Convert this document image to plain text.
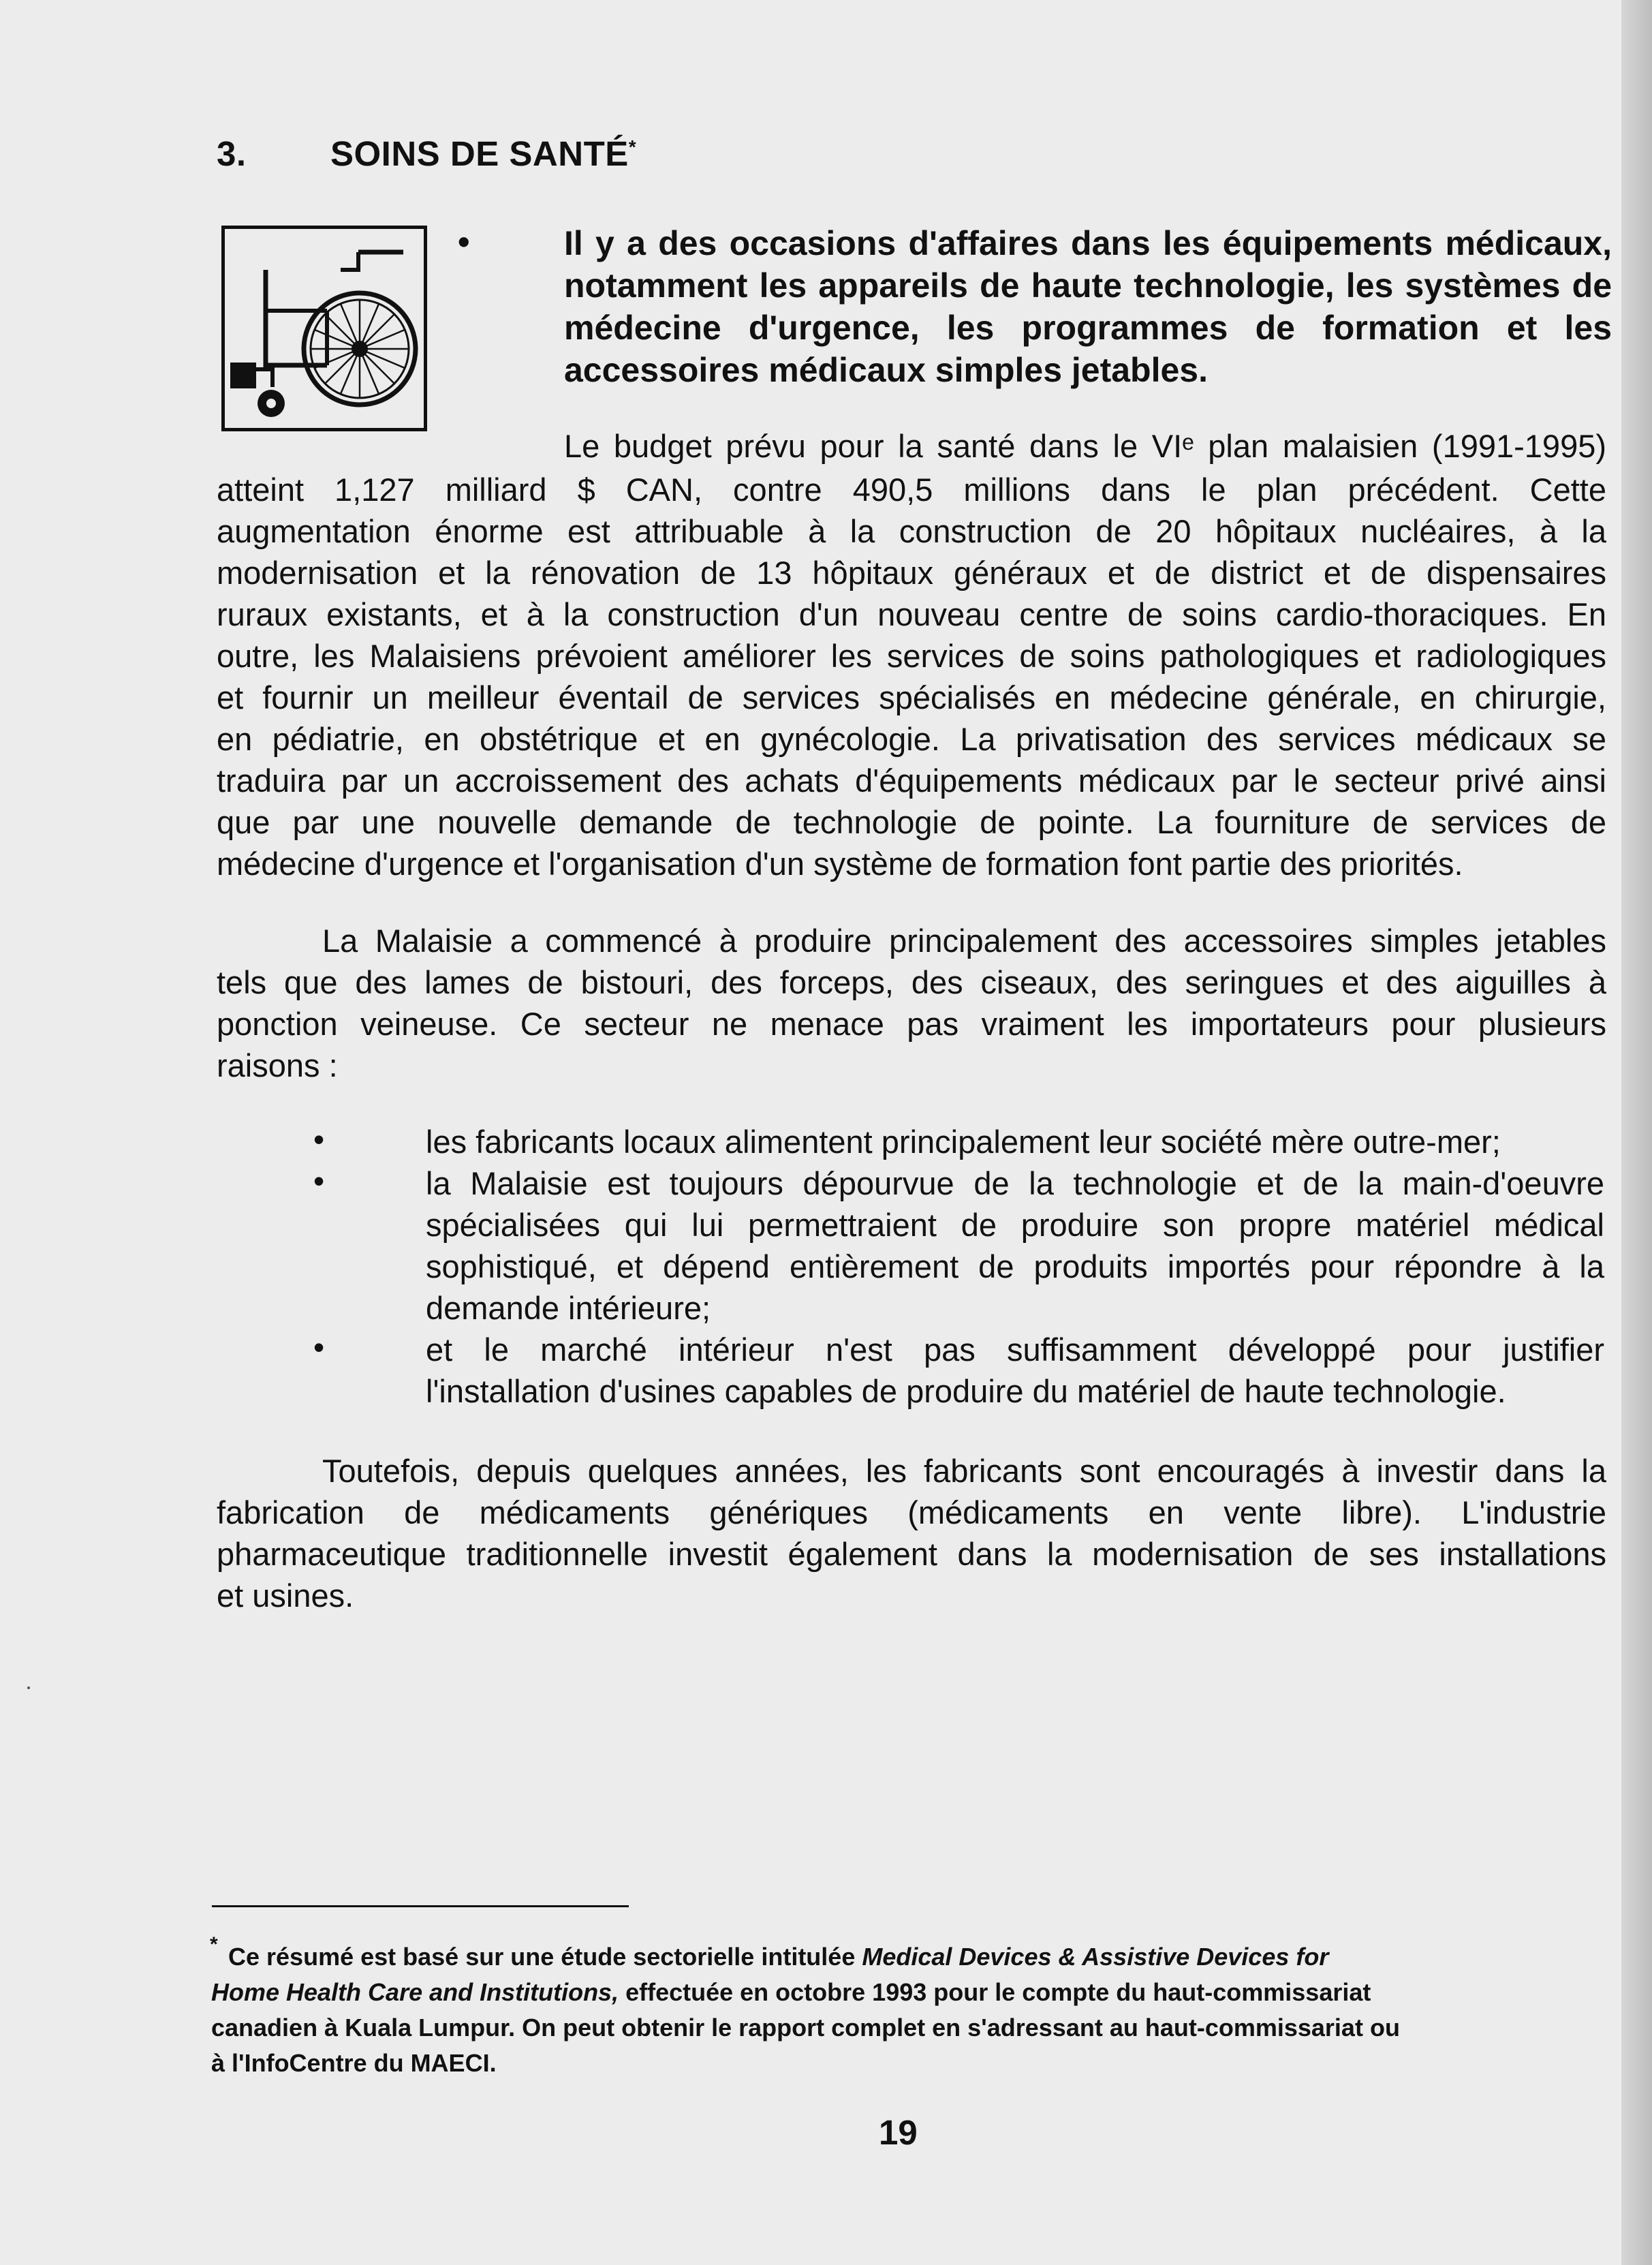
3. SOINS DE SANTÉ*
•	Il y a des occasions d'affaires dans les équipements médicaux,
notamment les appareils de haute technologie, les systèmes de
médecine d'urgence, les programmes de formation et les
accessoires médicaux simples jetables.
Le budget prévu pour la santé dans le VIᵉ plan malaisien (1991-1995)
atteint 1,127 milliard $ CAN, contre 490,5 millions dans le plan précédent. Cette
augmentation énorme est attribuable à la construction de 20 hôpitaux nucléaires, à la
modernisation et la rénovation de 13 hôpitaux généraux et de district et de dispensaires
ruraux existants, et à la construction d'un nouveau centre de soins cardio-thoraciques. En
outre, les Malaisiens prévoient améliorer les services de soins pathologiques et radiologiques
et fournir un meilleur éventail de services spécialisés en médecine générale, en chirurgie,
en pédiatrie, en obstétrique et en gynécologie. La privatisation des services médicaux se
traduira par un accroissement des achats d'équipements médicaux par le secteur privé ainsi
que par une nouvelle demande de technologie de pointe. La fourniture de services de
médecine d'urgence et l'organisation d'un système de formation font partie des priorités.
La Malaisie a commencé à produire principalement des accessoires simples jetables
tels que des lames de bistouri, des forceps, des ciseaux, des seringues et des aiguilles à
ponction veineuse. Ce secteur ne menace pas vraiment les importateurs pour plusieurs
raisons :
•	les fabricants locaux alimentent principalement leur société mère outre-mer;
•	la Malaisie est toujours dépourvue de la technologie et de la main-d'oeuvre
spécialisées qui lui permettraient de produire son propre matériel médical
sophistiqué, et dépend entièrement de produits importés pour répondre à la
demande intérieure;
•	et le marché intérieur n'est pas suffisamment développé pour justifier
l'installation d'usines capables de produire du matériel de haute technologie.
Toutefois, depuis quelques années, les fabricants sont encouragés à investir dans la
fabrication de médicaments génériques (médicaments en vente libre). L'industrie
pharmaceutique traditionnelle investit également dans la modernisation de ses installations
et usines.
* Ce résumé est basé sur une étude sectorielle intitulée Medical Devices & Assistive Devices for
Home Health Care and Institutions, effectuée en octobre 1993 pour le compte du haut-commissariat
canadien à Kuala Lumpur. On peut obtenir le rapport complet en s'adressant au haut-commissariat ou
à l'InfoCentre du MAECI.
19
